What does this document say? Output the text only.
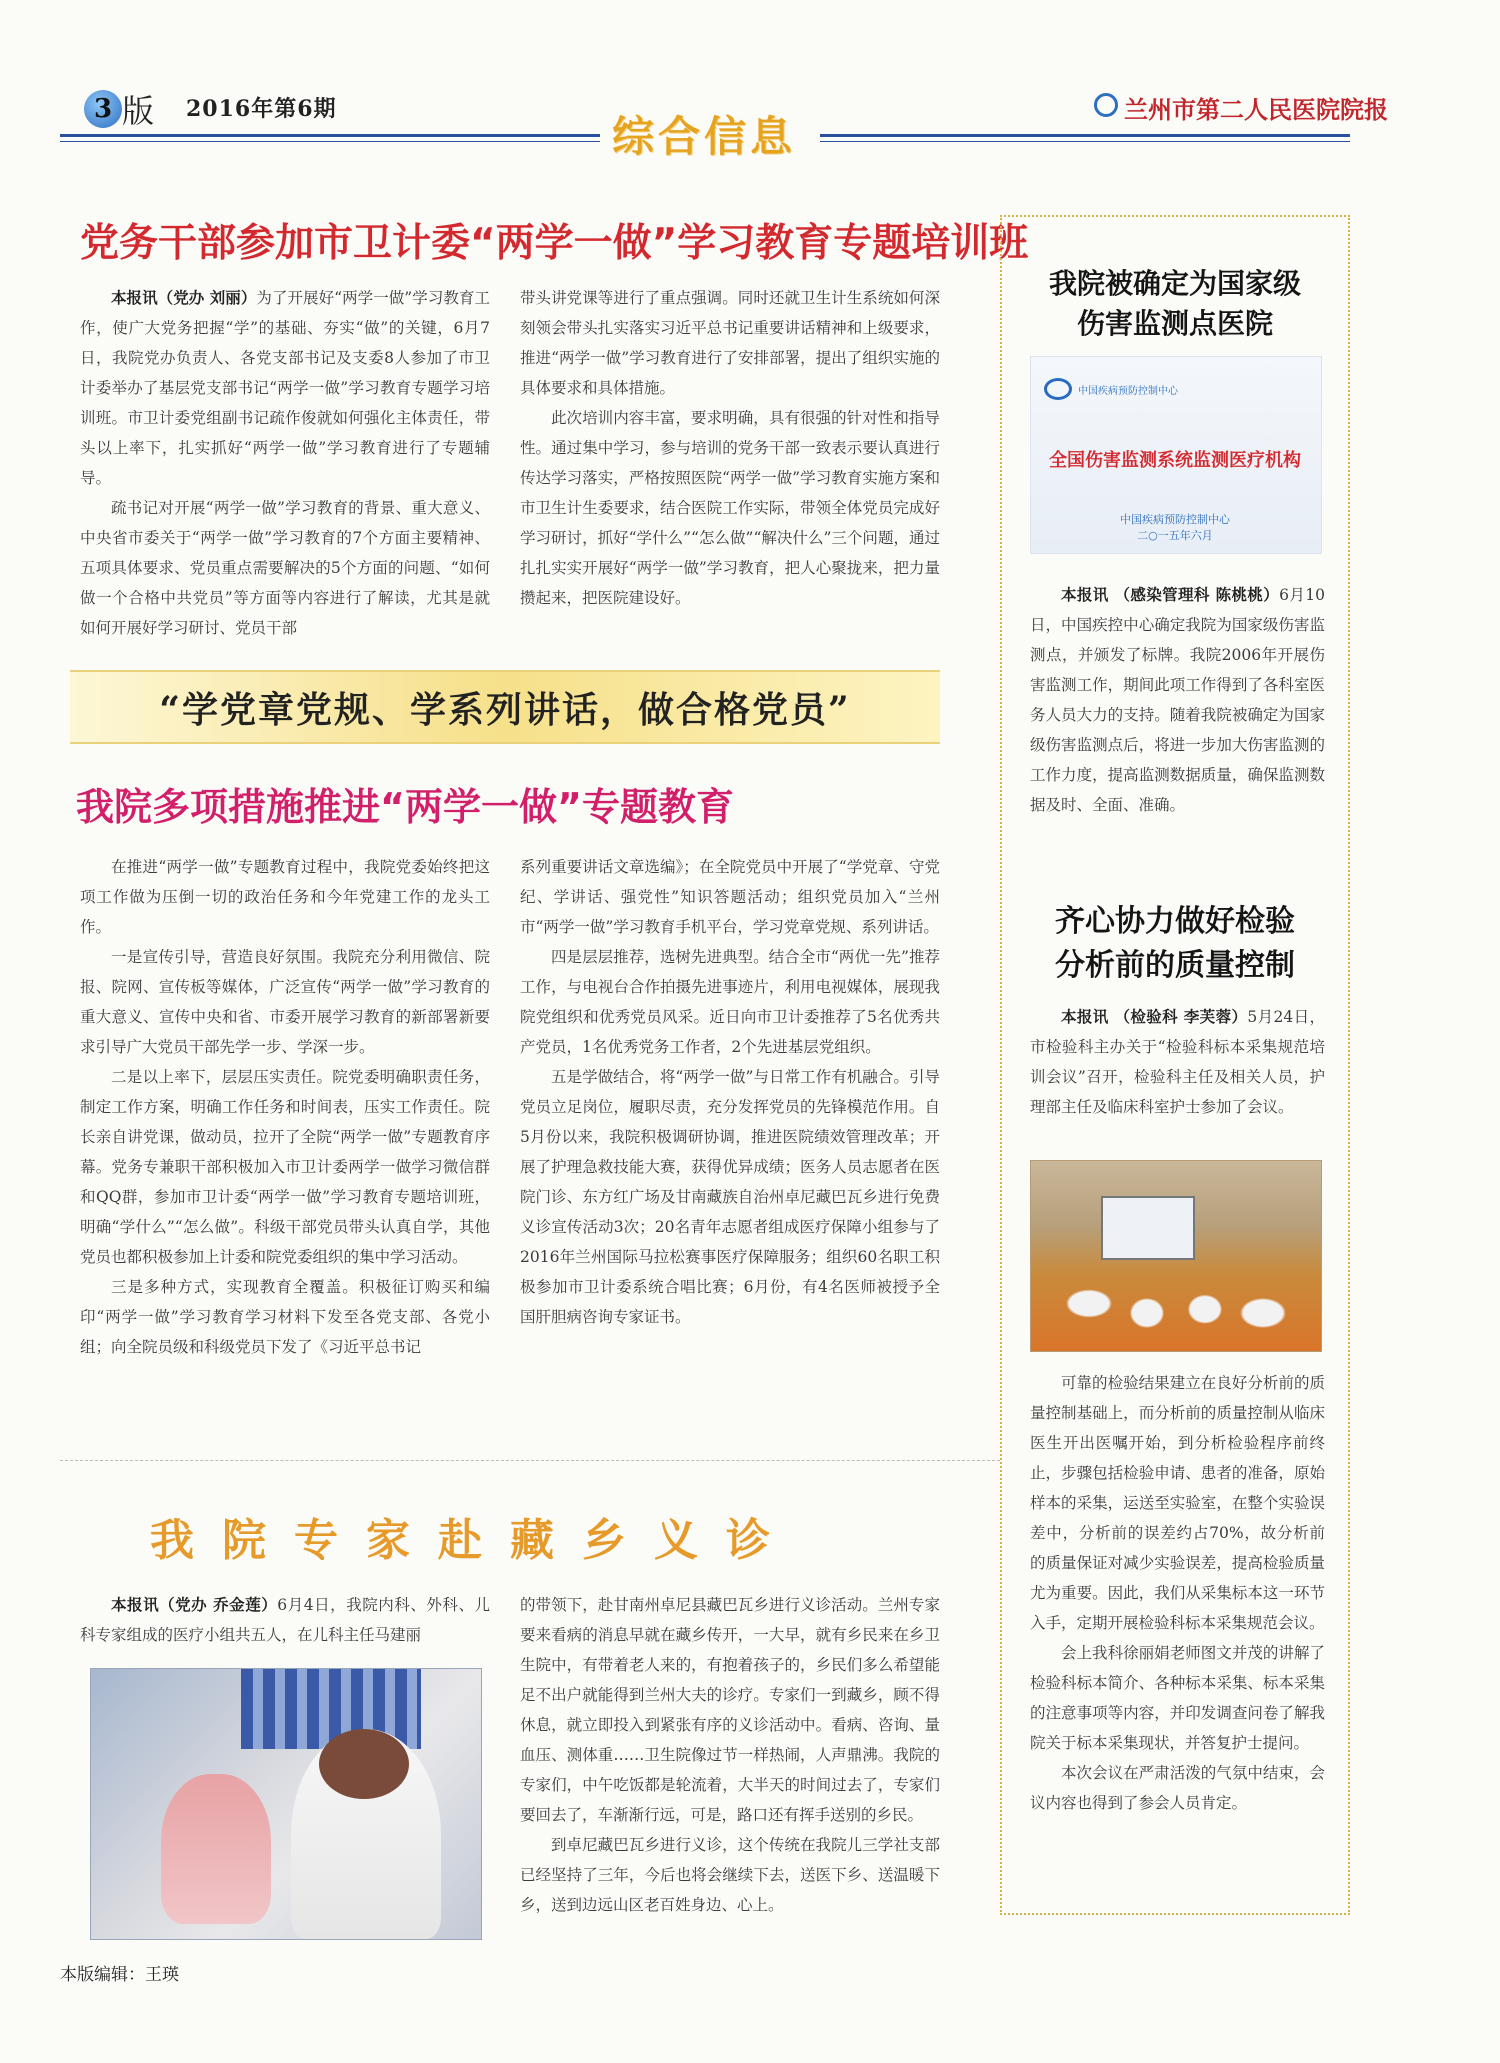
3 版 2016年第6期	兰州市第二人民医院院报
综合信息
党务干部参加市卫计委“两学一做”学习教育专题培训班

本报讯（党办 刘丽）为了开展好“两学一做”学习教育工作，使广大党务把握“学”的基础、夯实“做”的关键，6月7日，我院党办负责人、各党支部书记及支委8人参加了市卫计委举办了基层党支部书记“两学一做”学习教育专题学习培训班。市卫计委党组副书记疏作俊就如何强化主体责任，带头以上率下，扎实抓好“两学一做”学习教育进行了专题辅导。

疏书记对开展“两学一做”学习教育的背景、重大意义、中央省市委关于“两学一做”学习教育的7个方面主要精神、五项具体要求、党员重点需要解决的5个方面的问题、“如何做一个合格中共党员”等方面等内容进行了解读，尤其是就如何开展好学习研讨、党员干部

带头讲党课等进行了重点强调。同时还就卫生计生系统如何深刻领会带头扎实落实习近平总书记重要讲话精神和上级要求，推进“两学一做”学习教育进行了安排部署，提出了组织实施的具体要求和具体措施。

此次培训内容丰富，要求明确，具有很强的针对性和指导性。通过集中学习，参与培训的党务干部一致表示要认真进行传达学习落实，严格按照医院“两学一做”学习教育实施方案和市卫生计生委要求，结合医院工作实际，带领全体党员完成好学习研讨，抓好“学什么”“怎么做”“解决什么”三个问题，通过扎扎实实开展好“两学一做”学习教育，把人心聚拢来，把力量攒起来，把医院建设好。

“学党章党规、学系列讲话，做合格党员”
我院多项措施推进“两学一做”专题教育

在推进“两学一做”专题教育过程中，我院党委始终把这项工作做为压倒一切的政治任务和今年党建工作的龙头工作。

一是宣传引导，营造良好氛围。我院充分利用微信、院报、院网、宣传板等媒体，广泛宣传“两学一做”学习教育的重大意义、宣传中央和省、市委开展学习教育的新部署新要求引导广大党员干部先学一步、学深一步。

二是以上率下，层层压实责任。院党委明确职责任务，制定工作方案，明确工作任务和时间表，压实工作责任。院长亲自讲党课，做动员，拉开了全院“两学一做”专题教育序幕。党务专兼职干部积极加入市卫计委两学一做学习微信群和QQ群，参加市卫计委“两学一做”学习教育专题培训班，明确“学什么”“怎么做”。科级干部党员带头认真自学，其他党员也都积极参加上计委和院党委组织的集中学习活动。

三是多种方式，实现教育全覆盖。积极征订购买和编印“两学一做”学习教育学习材料下发至各党支部、各党小组；向全院员级和科级党员下发了《习近平总书记

系列重要讲话文章选编》；在全院党员中开展了“学党章、守党纪、学讲话、强党性”知识答题活动；组织党员加入“兰州市“两学一做”学习教育手机平台，学习党章党规、系列讲话。

四是层层推荐，选树先进典型。结合全市“两优一先”推荐工作，与电视台合作拍摄先进事迹片，利用电视媒体，展现我院党组织和优秀党员风采。近日向市卫计委推荐了5名优秀共产党员，1名优秀党务工作者，2个先进基层党组织。

五是学做结合，将“两学一做”与日常工作有机融合。引导党员立足岗位，履职尽责，充分发挥党员的先锋模范作用。自5月份以来，我院积极调研协调，推进医院绩效管理改革；开展了护理急救技能大赛，获得优异成绩；医务人员志愿者在医院门诊、东方红广场及甘南藏族自治州卓尼藏巴瓦乡进行免费义诊宣传活动3次；20名青年志愿者组成医疗保障小组参与了2016年兰州国际马拉松赛事医疗保障服务；组织60名职工积极参加市卫计委系统合唱比赛；6月份，有4名医师被授予全国肝胆病咨询专家证书。

我院专家赴藏乡义诊

本报讯（党办 乔金莲）6月4日，我院内科、外科、儿科专家组成的医疗小组共五人，在儿科主任马建丽

的带领下，赴甘南州卓尼县藏巴瓦乡进行义诊活动。兰州专家要来看病的消息早就在藏乡传开，一大早，就有乡民来在乡卫生院中，有带着老人来的，有抱着孩子的，乡民们多么希望能足不出户就能得到兰州大夫的诊疗。专家们一到藏乡，顾不得休息，就立即投入到紧张有序的义诊活动中。看病、咨询、量血压、测体重……卫生院像过节一样热闹，人声鼎沸。我院的专家们，中午吃饭都是轮流着，大半天的时间过去了，专家们要回去了，车渐渐行远，可是，路口还有挥手送别的乡民。

到卓尼藏巴瓦乡进行义诊，这个传统在我院儿三学社支部已经坚持了三年，今后也将会继续下去，送医下乡、送温暖下乡，送到边远山区老百姓身边、心上。

我院被确定为国家级
伤害监测点医院
中国疾病预防控制中心
全国伤害监测系统监测医疗机构
中国疾病预防控制中心
二○一五年六月

本报讯 （感染管理科 陈桃桃）6月10日，中国疾控中心确定我院为国家级伤害监测点，并颁发了标牌。我院2006年开展伤害监测工作，期间此项工作得到了各科室医务人员大力的支持。随着我院被确定为国家级伤害监测点后，将进一步加大伤害监测的工作力度，提高监测数据质量，确保监测数据及时、全面、准确。

齐心协力做好检验
分析前的质量控制

本报讯 （检验科 李芙蓉）5月24日，市检验科主办关于“检验科标本采集规范培训会议”召开，检验科主任及相关人员，护理部主任及临床科室护士参加了会议。

可靠的检验结果建立在良好分析前的质量控制基础上，而分析前的质量控制从临床医生开出医嘱开始，到分析检验程序前终止，步骤包括检验申请、患者的准备，原始样本的采集，运送至实验室，在整个实验误差中，分析前的误差约占70%，故分析前的质量保证对减少实验误差，提高检验质量尤为重要。因此，我们从采集标本这一环节入手，定期开展检验科标本采集规范会议。

会上我科徐丽娟老师图文并茂的讲解了检验科标本简介、各种标本采集、标本采集的注意事项等内容，并印发调查问卷了解我院关于标本采集现状，并答复护士提问。

本次会议在严肃活泼的气氛中结束，会议内容也得到了参会人员肯定。

本版编辑：王瑛
